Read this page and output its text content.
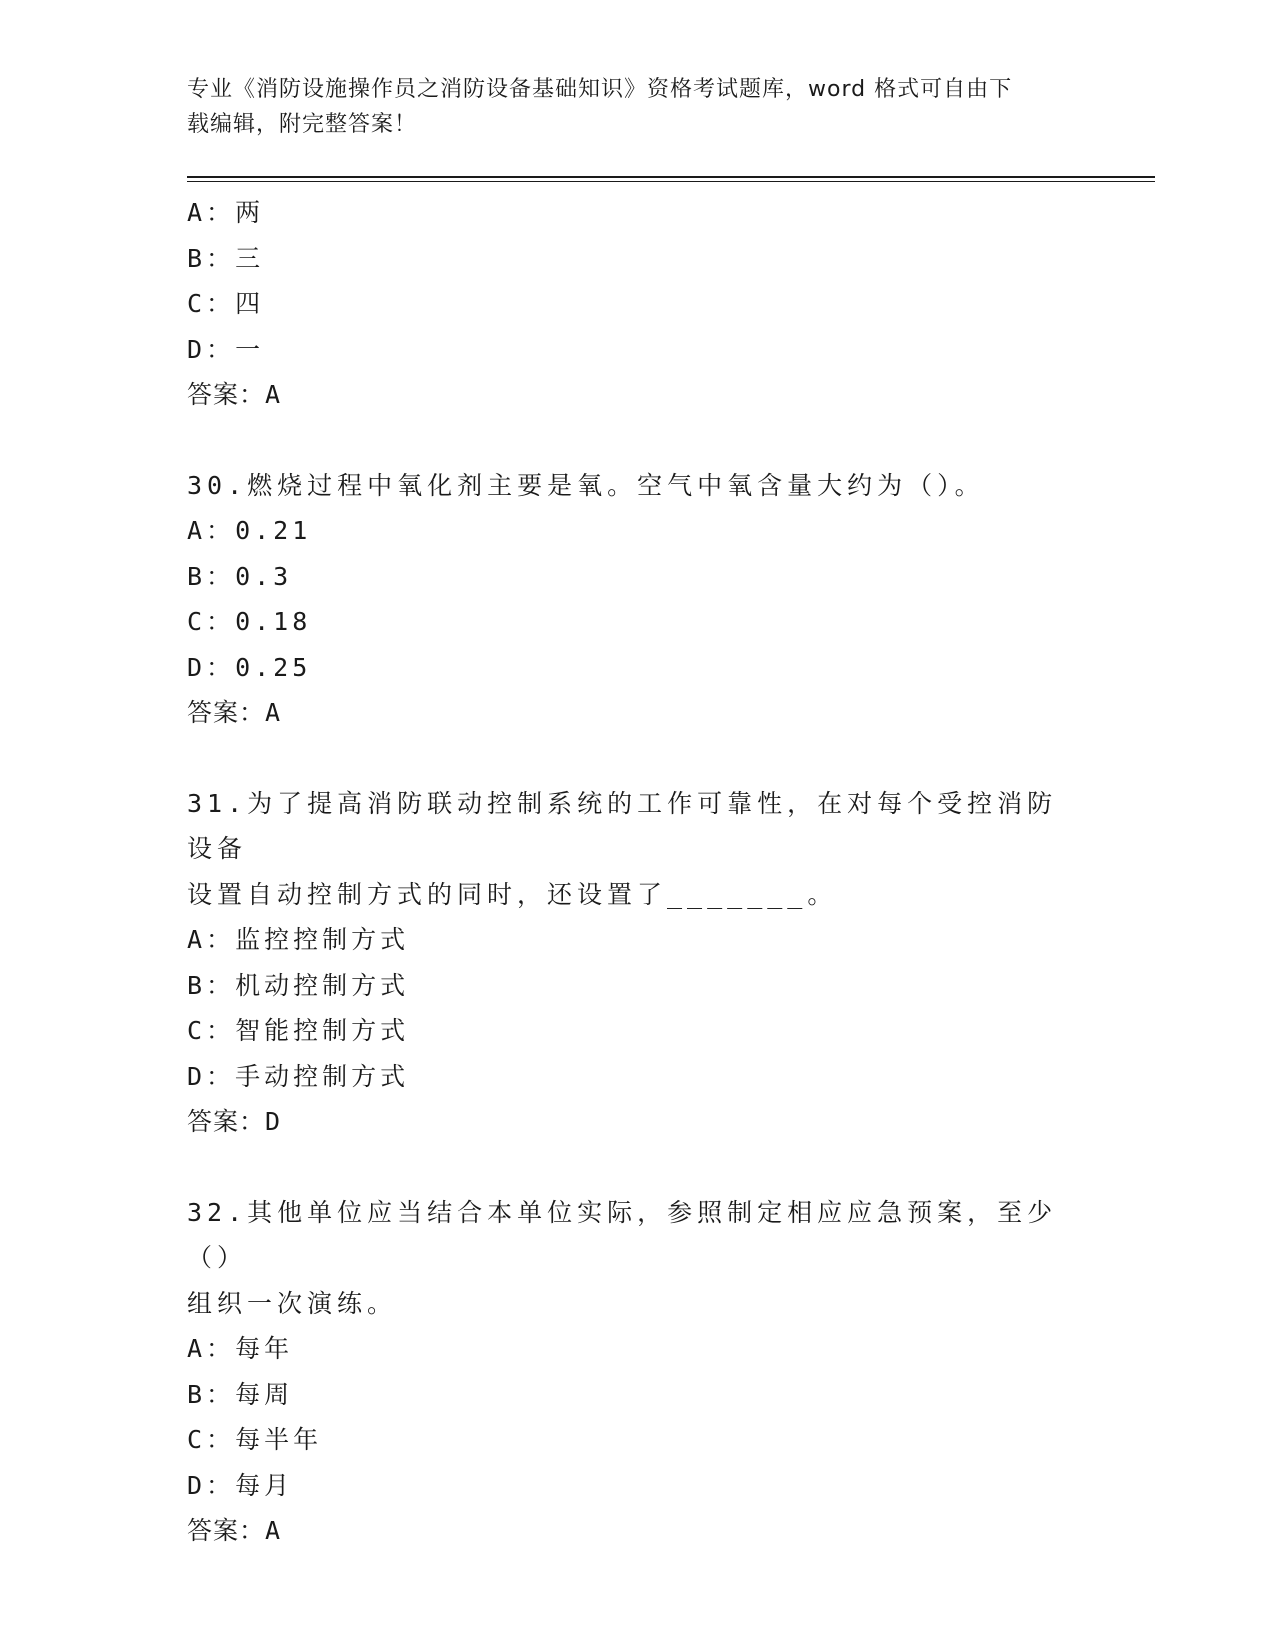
专业《消防设施操作员之消防设备基础知识》资格考试题库，word 格式可自由下
载编辑，附完整答案！
A：两
B：三
C：四
D：一
答案：A
30.燃烧过程中氧化剂主要是氧。空气中氧含量大约为（）。
A：0.21
B：0.3
C：0.18
D：0.25
答案：A
31.为了提高消防联动控制系统的工作可靠性，在对每个受控消防设备
设置自动控制方式的同时，还设置了_______。
A：监控控制方式
B：机动控制方式
C：智能控制方式
D：手动控制方式
答案：D
32.其他单位应当结合本单位实际，参照制定相应应急预案，至少（）
组织一次演练。
A：每年
B：每周
C：每半年
D：每月
答案：A
